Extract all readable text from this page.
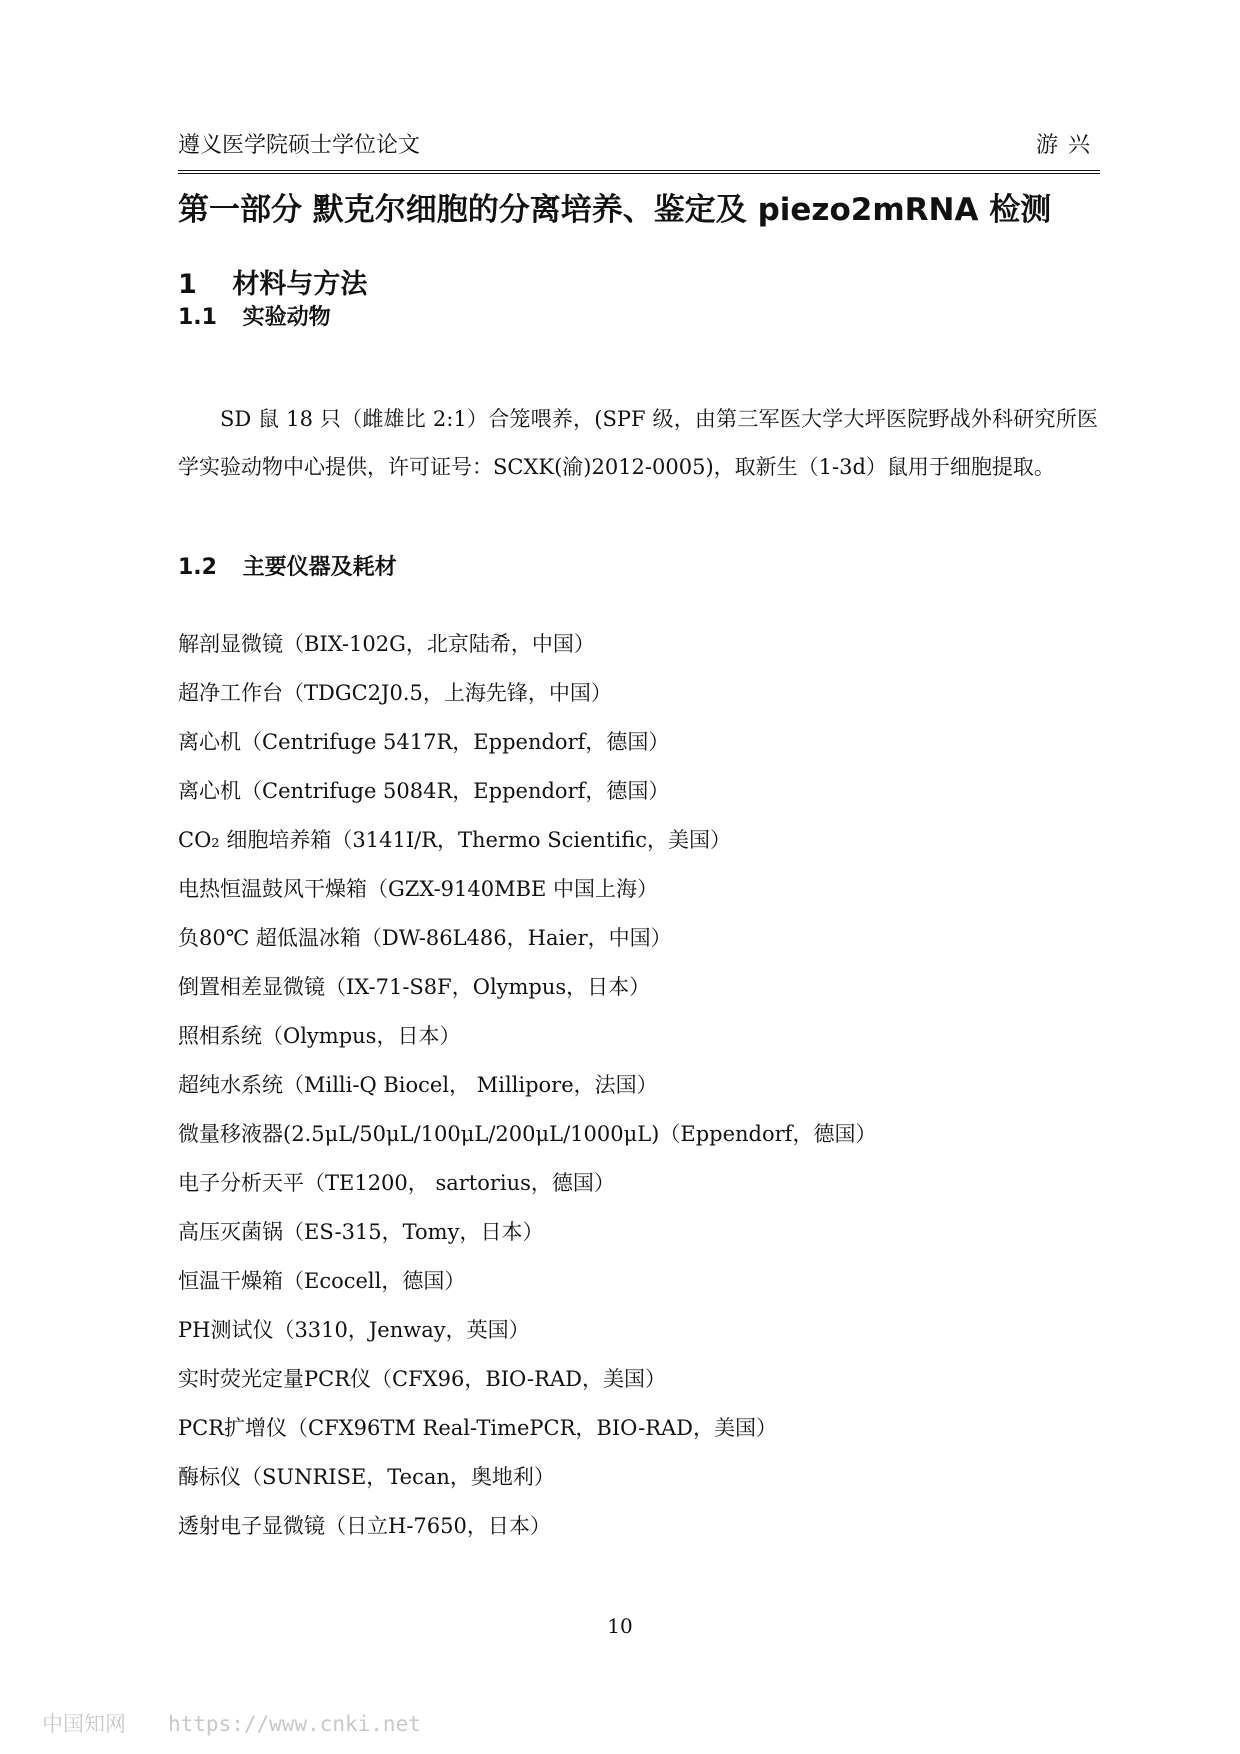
遵义医学院硕士学位论文	游兴
第一部分 默克尔细胞的分离培养、鉴定及 piezo2mRNA 检测
1 材料与方法
1.1 实验动物
SD 鼠 18 只（雌雄比 2:1）合笼喂养，(SPF 级，由第三军医大学大坪医院野战外科研究所医学实验动物中心提供，许可证号：SCXK(渝)2012-0005)，取新生（1-3d）鼠用于细胞提取。
1.2 主要仪器及耗材
解剖显微镜（BIX-102G，北京陆希，中国）
超净工作台（TDGC2J0.5，上海先锋，中国）
离心机（Centrifuge 5417R，Eppendorf，德国）
离心机（Centrifuge 5084R，Eppendorf，德国）
CO₂ 细胞培养箱（3141I/R，Thermo Scientific，美国）
电热恒温鼓风干燥箱（GZX-9140MBE 中国上海）
负80℃ 超低温冰箱（DW-86L486，Haier，中国）
倒置相差显微镜（IX-71-S8F，Olympus，日本）
照相系统（Olympus，日本）
超纯水系统（Milli-Q Biocel， Millipore，法国）
微量移液器(2.5μL/50μL/100μL/200μL/1000μL)（Eppendorf，德国）
电子分析天平（TE1200， sartorius，德国）
高压灭菌锅（ES-315，Tomy，日本）
恒温干燥箱（Ecocell，德国）
PH测试仪（3310，Jenway，英国）
实时荧光定量PCR仪（CFX96，BIO-RAD，美国）
PCR扩增仪（CFX96TM Real-TimePCR，BIO-RAD，美国）
酶标仪（SUNRISE，Tecan，奥地利）
透射电子显微镜（日立H-7650，日本）
10
中国知网 https://www.cnki.net
